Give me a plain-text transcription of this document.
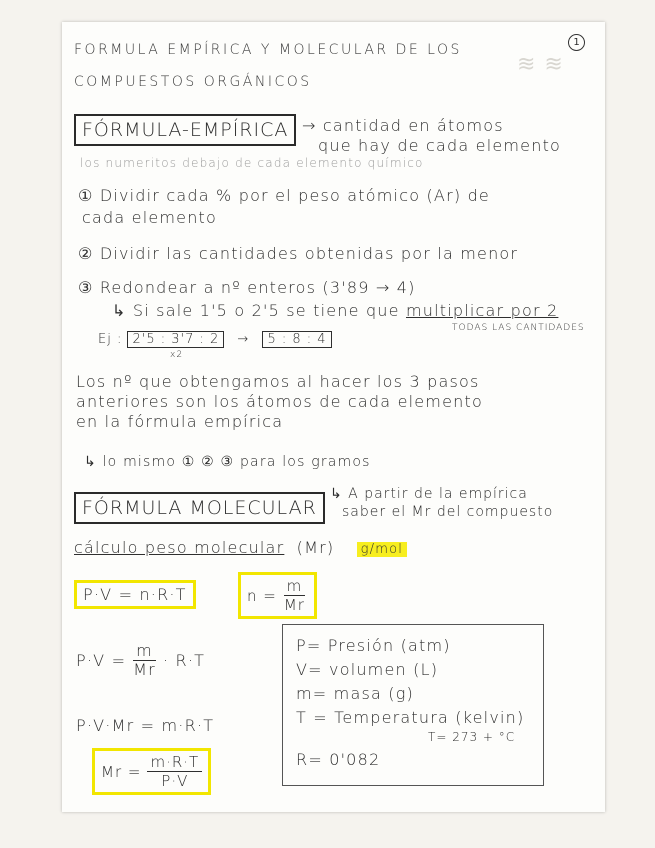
≋ ≋
1
FORMULA EMPÍRICA Y MOLECULAR DE LOS
COMPUESTOS ORGÁNICOS
FÓRMULA-EMPÍRICA → cantidad en átomos
que hay de cada elemento
los numeritos debajo de cada elemento químico
① Dividir cada % por el peso atómico (Ar) de
cada elemento
② Dividir las cantidades obtenidas por la menor
③ Redondear a nº enteros (3'89 → 4)
↳ Si sale 1'5 o 2'5 se tiene que multiplicar por 2
TODAS LAS CANTIDADES
Ej : 2'5 : 3'7 : 2 → 5 : 8 : 4
x2
Los nº que obtengamos al hacer los 3 pasos
anteriores son los átomos de cada elemento
en la fórmula empírica
↳ lo mismo ① ② ③ para los gramos
FÓRMULA MOLECULAR
↳ A partir de la empírica
saber el Mr del compuesto
cálculo peso molecular (Mr) g/mol
P·V = n·R·T	$n = \frac{m}{Mr}$
$P\cdot V = \frac{m}{Mr} \cdot R\cdot T$
P·V·Mr = m·R·T
$Mr = \frac{m\cdot R\cdot T}{P\cdot V}$
P= Presión (atm)
V= volumen (L)
m= masa (g)
T = Temperatura (kelvin)
T= 273 + °C
R= 0'082
